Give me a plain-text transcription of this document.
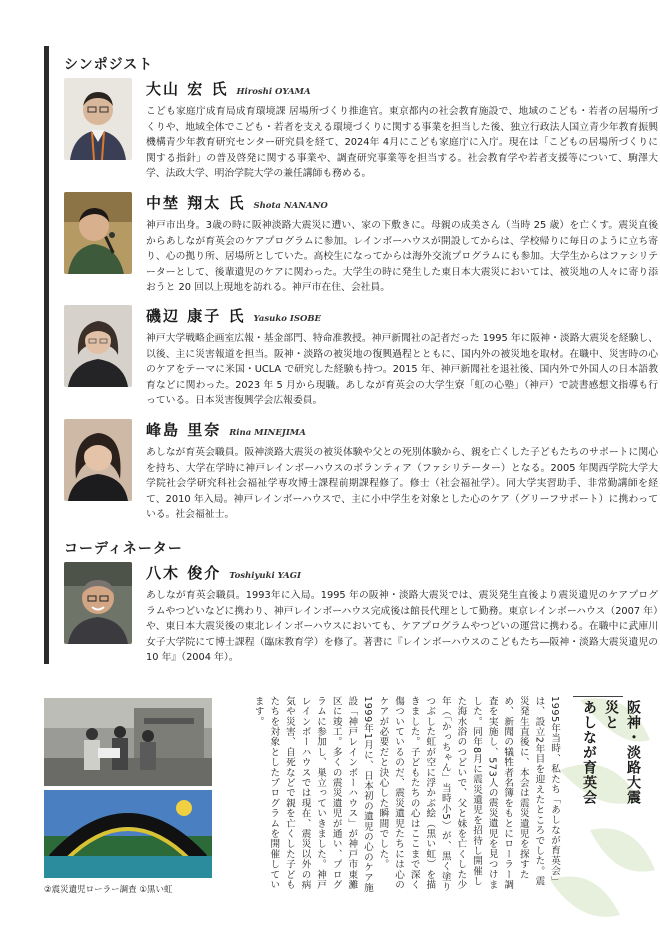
シンポジスト
大山 宏 氏 Hiroshi OYAMA
こども家庭庁成育局成育環境課 居場所づくり推進官。東京都内の社会教育施設で、地域のこども・若者の居場所づくりや、地域全体でこども・若者を支える環境づくりに関する事業を担当した後、独立行政法人国立青少年教育振興機構青少年教育研究センター研究員を経て、2024年 4月にこども家庭庁に入庁。現在は「こどもの居場所づくりに関する指針」の普及啓発に関する事業や、調査研究事業等を担当する。社会教育学や若者支援等について、駒澤大学、法政大学、明治学院大学の兼任講師も務める。
中埜 翔太 氏 Shota NANANO
神戸市出身。3歳の時に阪神淡路大震災に遭い、家の下敷きに。母親の成美さん（当時 25 歳）を亡くす。震災直後からあしなが育英会のケアプログラムに参加。レインボーハウスが開設してからは、学校帰りに毎日のように立ち寄り、心の拠り所、居場所としていた。高校生になってからは海外交流プログラムにも参加。大学生からはファシリテーターとして、後輩遺児のケアに関わった。大学生の時に発生した東日本大震災においては、被災地の人々に寄り添おうと 20 回以上現地を訪れる。神戸市在住、会社員。
磯辺 康子 氏 Yasuko ISOBE
神戸大学戦略企画室広報・基金部門、特命准教授。神戸新聞社の記者だった 1995 年に阪神・淡路大震災を経験し、以後、主に災害報道を担当。阪神・淡路の被災地の復興過程とともに、国内外の被災地を取材。在職中、災害時の心のケアをテーマに米国・UCLA で研究した経験も持つ。2015 年、神戸新聞社を退社後、国内外で外国人の日本語教育などに関わった。2023 年 5 月から現職。あしなが育英会の大学生寮「虹の心塾」（神戸）で読書感想文指導も行っている。日本災害復興学会広報委員。
峰島 里奈 Rina MINEJIMA
あしなが育英会職員。阪神淡路大震災の被災体験や父との死別体験から、親を亡くした子どもたちのサポートに関心を持ち、大学在学時に神戸レインボーハウスのボランティア（ファシリテーター）となる。2005 年関西学院大学大学院社会学研究科社会福祉学専攻博士課程前期課程修了。修士（社会福祉学）。同大学実習助手、非常勤講師を経て、2010 年入局。神戸レインボーハウスで、主に小中学生を対象とした心のケア（グリーフサポート）に携わっている。社会福祉士。
コーディネーター
八木 俊介 Toshiyuki YAGI
あしなが育英会職員。1993年に入局。1995 年の阪神・淡路大震災では、震災発生直後より震災遺児のケアプログラムやつどいなどに携わり、神戸レインボーハウス完成後は館長代理として勤務。東京レインボーハウス（2007 年）や、東日本大震災後の東北レインボーハウスにおいても、ケアプログラムやつどいの運営に携わる。在職中に武庫川女子大学院にて博士課程（臨床教育学）を修了。著書に『レインボーハウスのこどもたち―阪神・淡路大震災遺児の 10 年』（2004 年）。
②震災遺児ローラー調査 ①黒い虹
1995年当時、私たち「あしなが育英会」は、設立2年目を迎えたところでした。震災発生直後に、本会は震災遺児を探すため、新聞の犠牲者名簿をもとにローラー調査を実施し、573人の震災遺児を見つけました。同年8月に震災遺児を招待し開催した海水浴のつどいで、父と妹を亡くした少年（「かっちゃん」当時小5）が、黒く塗りつぶした虹が空に浮かぶ絵（黒い虹）を描きました。子どもたちの心はここまで深く傷ついているのだ、震災遺児たちには心のケアが必要だと決心した瞬間でした。1999年1月に、日本初の遺児の心のケア施設「神戸レインボーハウス」が神戸市東灘区に竣工。多くの震災遺児が通い、プログラムに参加し、巣立っていきました。神戸レインボーハウスでは現在、震災以外の病気や災害、自死などで親を亡くした子どもたちを対象としたプログラムを開催しています。	阪神・淡路大震災と
あしなが育英会
